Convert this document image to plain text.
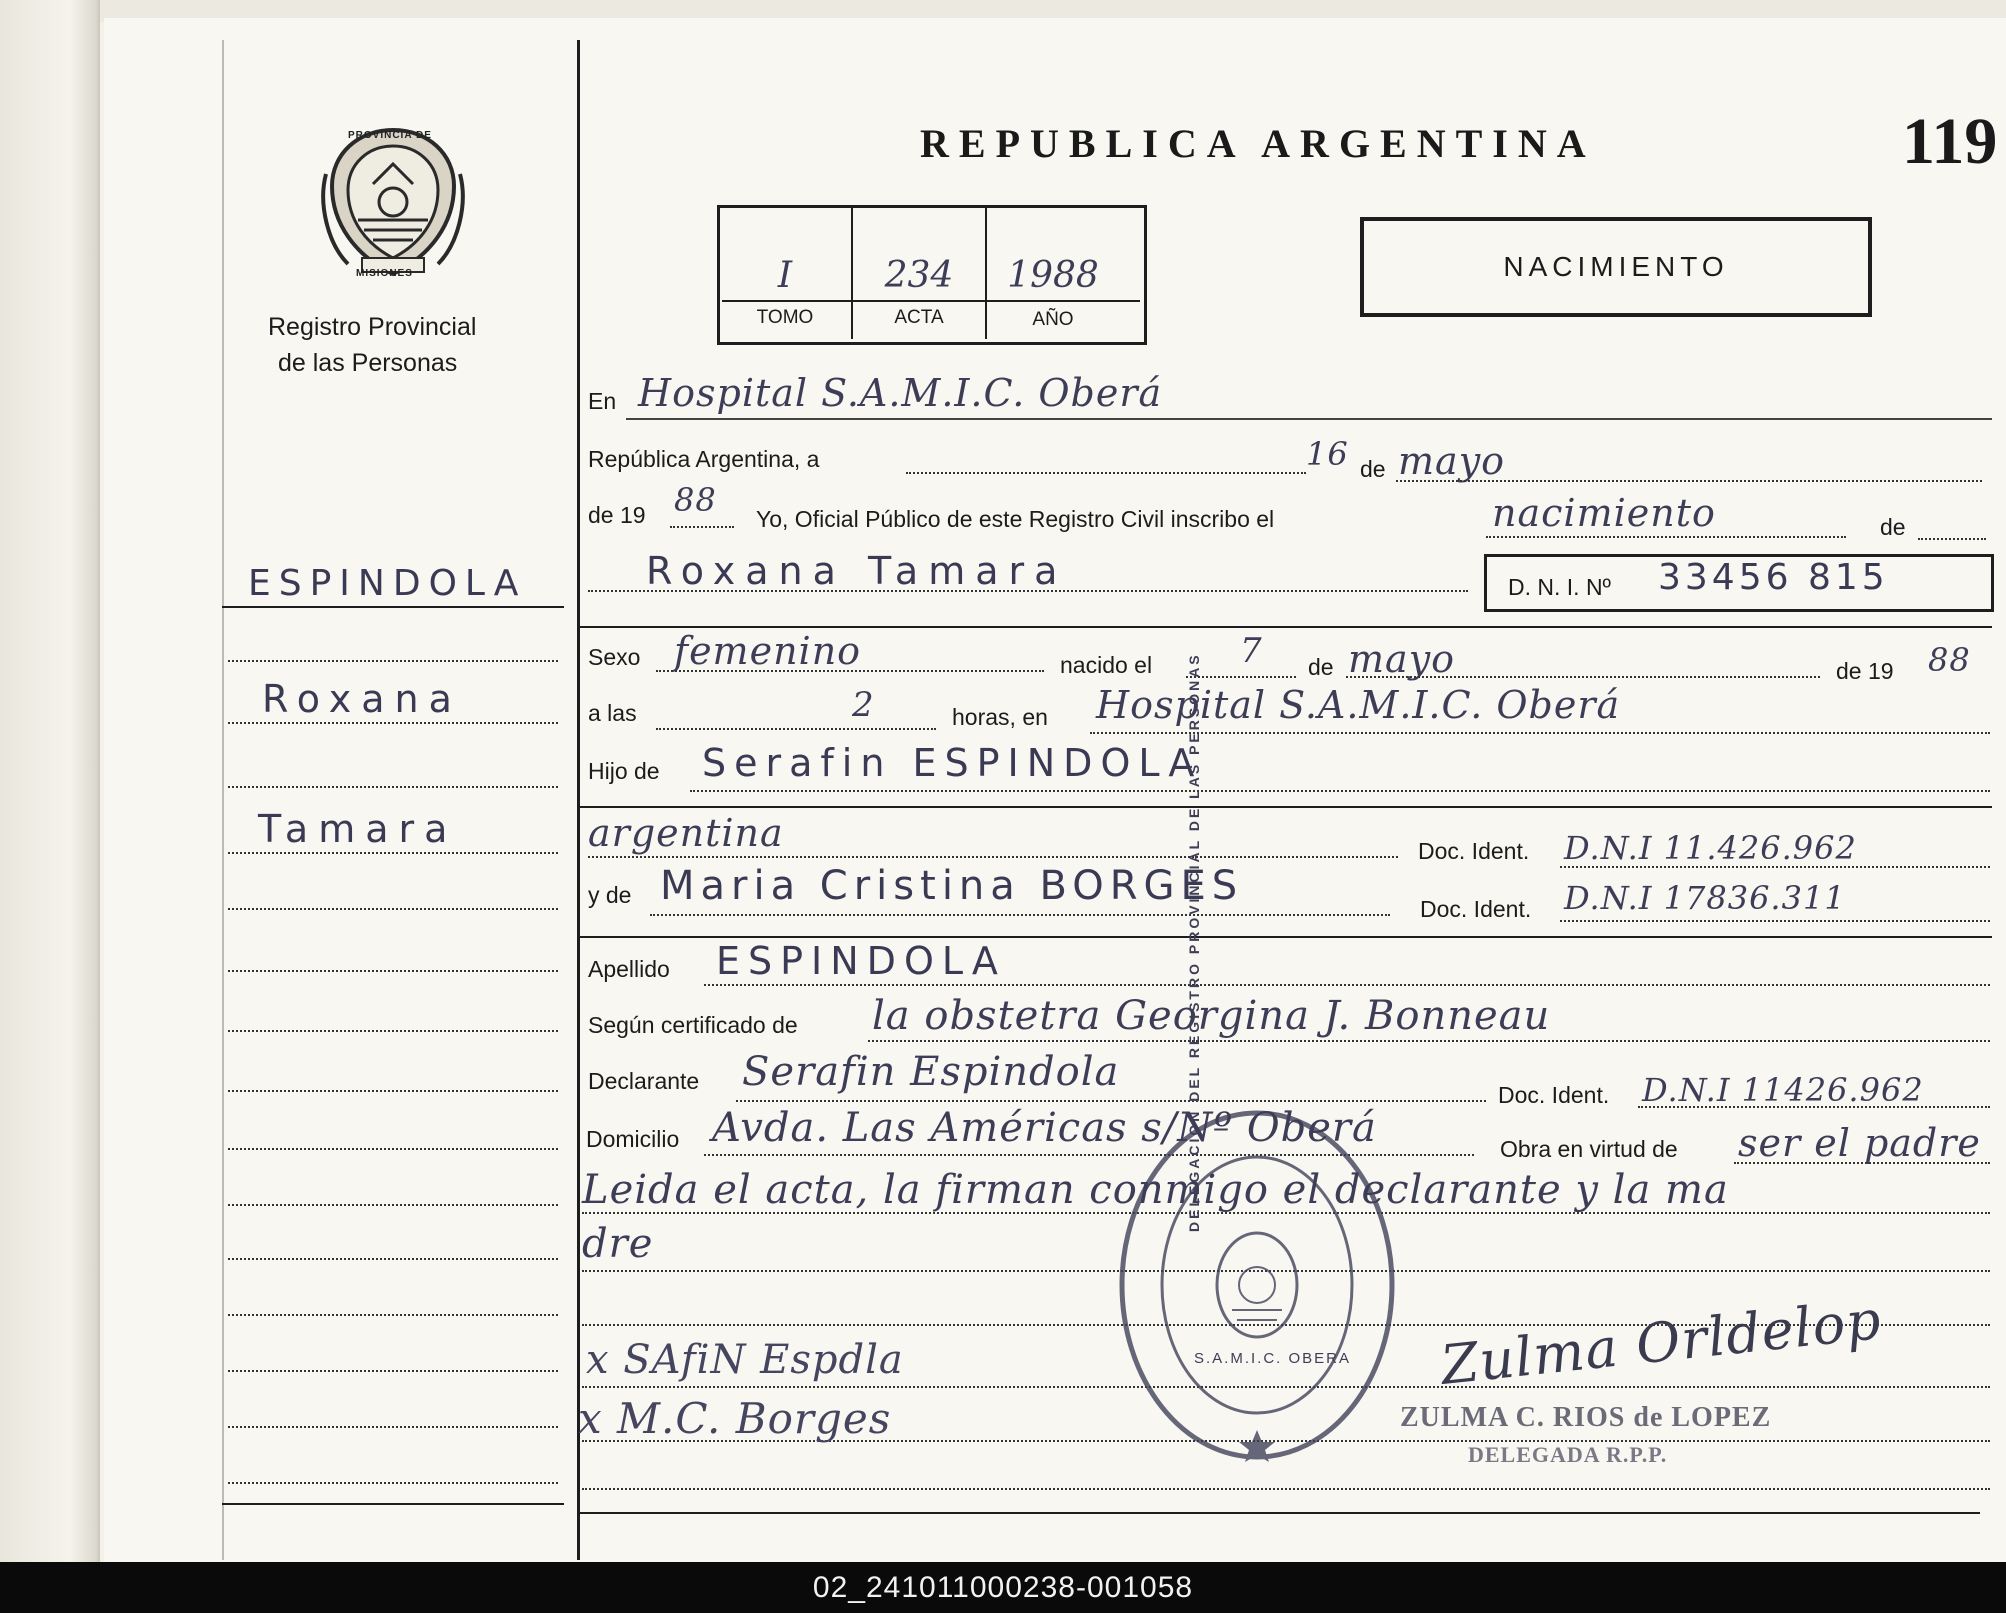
PROVINCIA DE
MISIONES
Registro Provincial
de las Personas
REPUBLICA ARGENTINA	119
I	234	1988
TOMO	ACTA	AÑO
NACIMIENTO
ESPINDOLA
Roxana
Tamara
En Hospital S.A.M.I.C. Oberá
República Argentina, a	16 de mayo
de 19 88 Yo, Oficial Público de este Registro Civil inscribo el	nacimiento	de
Roxana Tamara	D. N. I. Nº 33456 815
Sexo femenino	nacido el	7 de mayo	de 19 88
a las	2	horas, en Hospital S.A.M.I.C. Oberá
Hijo de Serafin ESPINDOLA
argentina	Doc. Ident. D.N.I 11.426.962
y de Maria Cristina BORGES	Doc. Ident. D.N.I 17836.311
Apellido ESPINDOLA
Según certificado de la obstetra Georgina J. Bonneau
Declarante Serafin Espindola	Doc. Ident. D.N.I 11426.962
Domicilio Avda. Las Américas s/Nº Oberá	Obra en virtud de ser el padre
Leida el acta, la firman conmigo el declarante y la ma
dre
x SAfiN Espdla
x M.C. Borges
Zulma Orldelop
ZULMA C. RIOS de LOPEZ
DELEGADA R.P.P.
DELEGACION DEL REGISTRO PROVINCIAL DE LAS PERSONAS
S.A.M.I.C. OBERA
02_241011000238-001058
